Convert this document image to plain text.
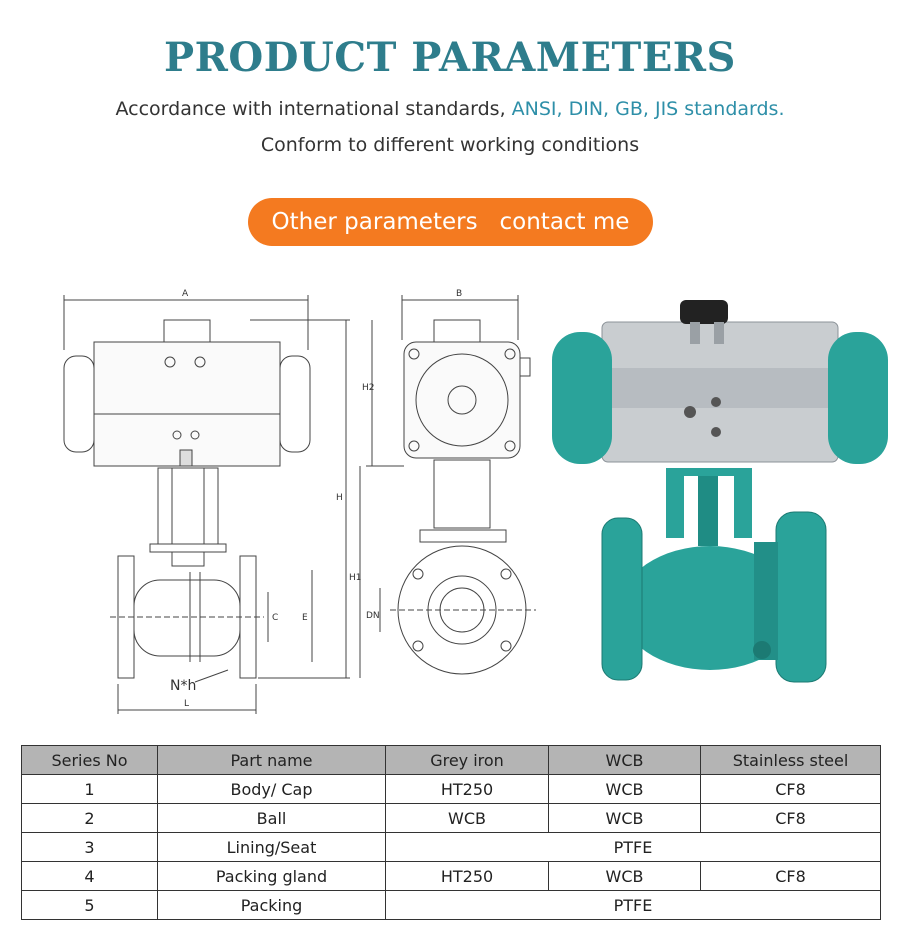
PRODUCT PARAMETERS
Accordance with international standards, ANSI, DIN, GB, JIS standards.
Conform to different working conditions
Other parameters   contact me
A	B
H
H2
H1
C	E	DN
L
N*h
Series No	Part name	Grey iron	WCB	Stainless steel
1	Body/ Cap	HT250	WCB	CF8
2	Ball	WCB	WCB	CF8
3	Lining/Seat	PTFE		
4	Packing gland	HT250	WCB	CF8
5	Packing	PTFE		
